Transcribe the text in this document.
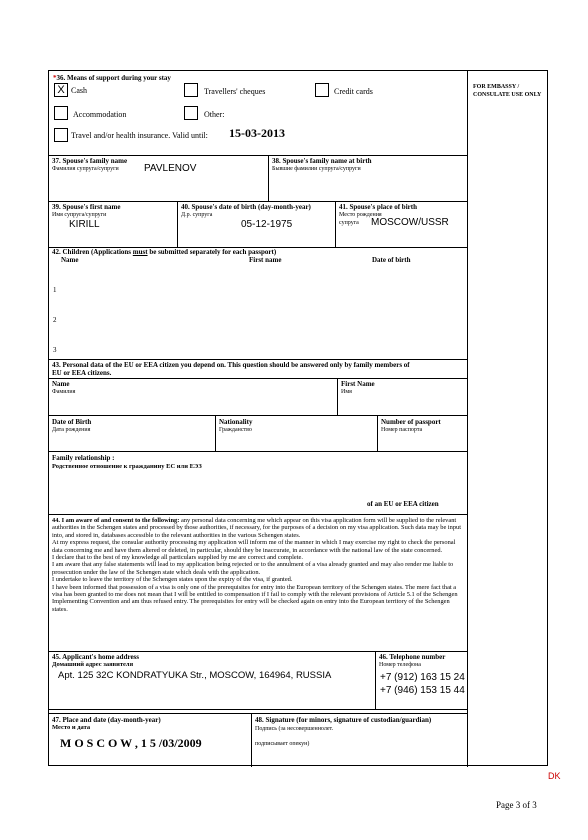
*36. Means of support during your stay
X Cash	Travellers' cheques	Credit cards
Accommodation	Other:
Travel and/or health insurance. Valid until: 15-03-2013
FOR EMBASSY /
CONSULATE USE ONLY
37. Spouse's family name
Фамилия супруга/супруги	PAVLENOV
38. Spouse's family name at birth
Бывшие фамилии супруга/супруги
39. Spouse's first name
Имя супруга/супруги
KIRILL
40. Spouse's date of birth (day-month-year)
Д.р. супруга
05-12-1975
41. Spouse's place of birth
Место рождения
супруга MOSCOW/USSR
42. Children (Applications must be submitted separately for each passport)
Name	First name	Date of birth
1
2
3
43. Personal data of the EU or EEA citizen you depend on. This question should be answered only by family members of
EU or EEA citizens.
Name
Фамилия
First Name
Имя
Date of Birth
Дата рождения
Nationality
Гражданство
Number of passport
Номер паспорта
Family relationship :
Родственное отношение к гражданину ЕС или ЕЭЗ
of an EU or EEA citizen
44. I am aware of and consent to the following: any personal data concerning me which appear on this visa application form will be supplied to the relevant authorities in the Schengen states and processed by those authorities, if necessary, for the purposes of a decision on my visa application. Such data may be input into, and stored in, databases accessible to the relevant authorities in the various Schengen states.
At my express request, the consular authority processing my application will inform me of the manner in which I may exercise my right to check the personal data concerning me and have them altered or deleted, in particular, should they be inaccurate, in accordance with the national law of the state concerned.
I declare that to the best of my knowledge all particulars supplied by me are correct and complete.
I am aware that any false statements will lead to my application being rejected or to the annulment of a visa already granted and may also render me liable to prosecution under the law of the Schengen state which deals with the application.
I undertake to leave the territory of the Schengen states upon the expiry of the visa, if granted.
I have been informed that possession of a visa is only one of the prerequisites for entry into the European territory of the Schengen states. The mere fact that a visa has been granted to me does not mean that I will be entitled to compensation if I fail to comply with the relevant provisions of Article 5.1 of the Schengen Implementing Convention and am thus refused entry. The prerequisites for entry will be checked again on entry into the European territory of the Schengen states.
45. Applicant's home address
Домашний адрес заявителя
Apt. 125 32C KONDRATYUKA Str., MOSCOW, 164964, RUSSIA
46. Telephone number
Номер телефона
+7 (912) 163 15 24
+7 (946) 153 15 44
47. Place and date (day-month-year)
Место и дата
M O S C O W , 1 5 /03/2009
48. Signature (for minors, signature of custodian/guardian)
Подпись (за несовершеннолет.
подписывает опекун)
DK
Page 3 of 3
